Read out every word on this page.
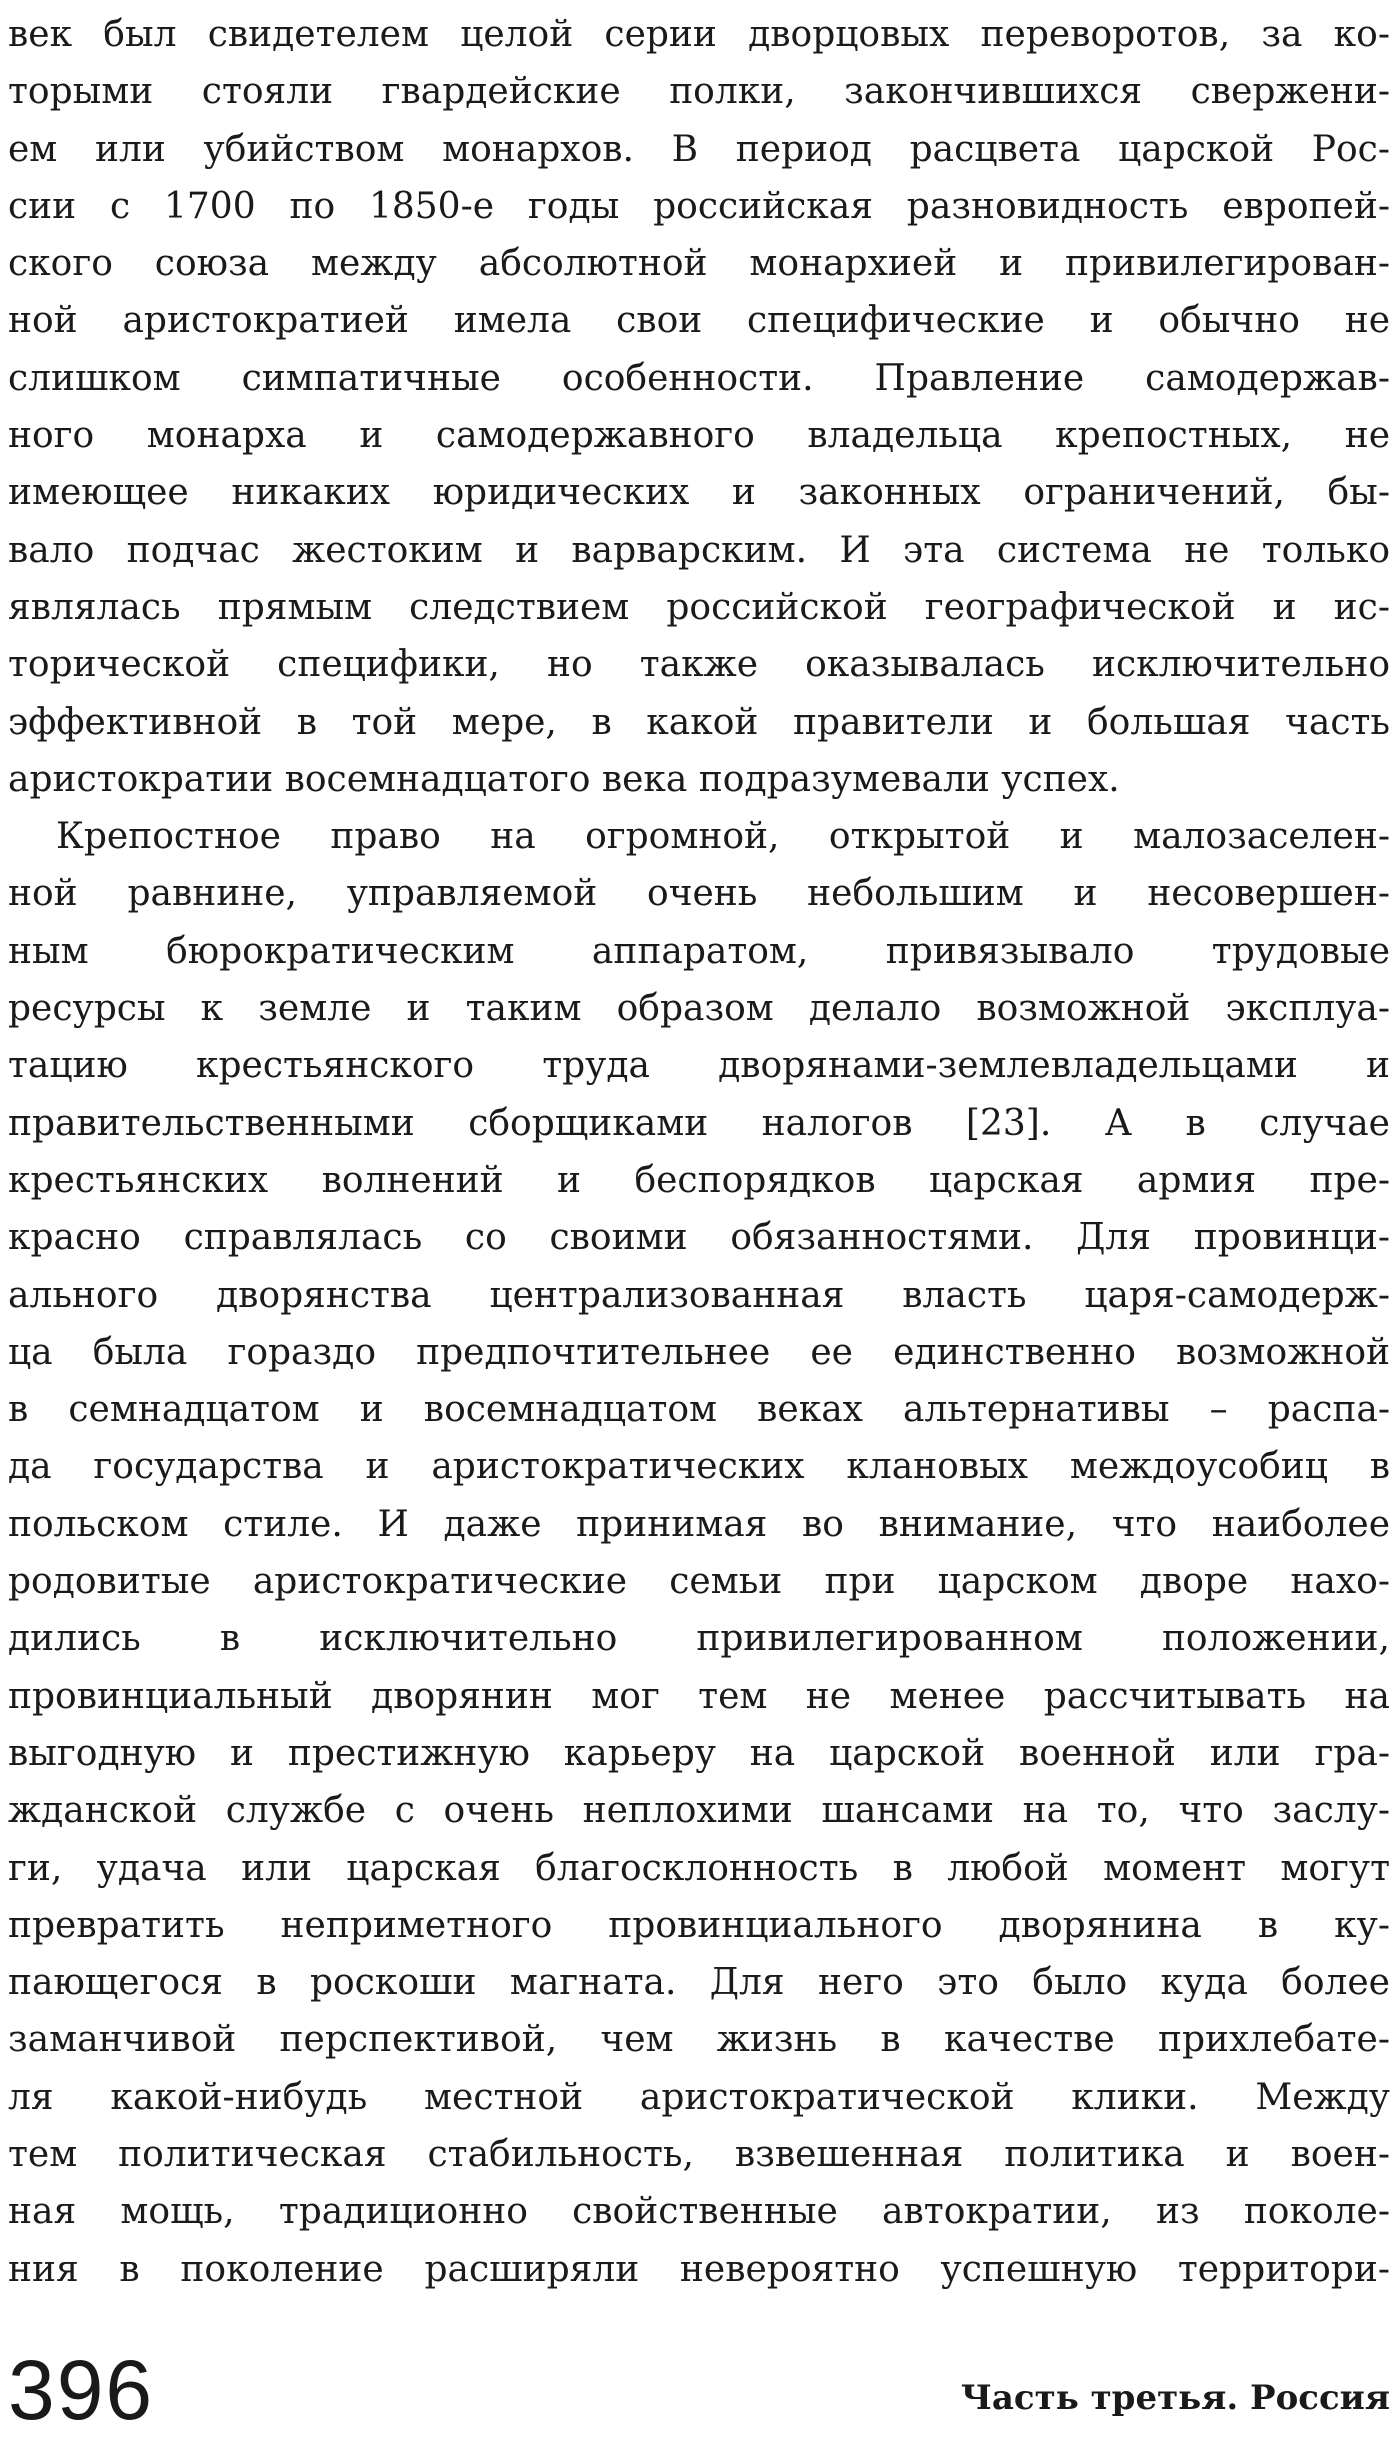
век был свидетелем целой серии дворцовых переворотов, за ко-
торыми стояли гвардейские полки, закончившихся свержени-
ем или убийством монархов. В период расцвета царской Рос-
сии с 1700 по 1850-е годы российская разновидность европей-
ского союза между абсолютной монархией и привилегирован-
ной аристократией имела свои специфические и обычно не
слишком симпатичные особенности. Правление самодержав-
ного монарха и самодержавного владельца крепостных, не
имеющее никаких юридических и законных ограничений, бы-
вало подчас жестоким и варварским. И эта система не только
являлась прямым следствием российской географической и ис-
торической специфики, но также оказывалась исключительно
эффективной в той мере, в какой правители и большая часть
аристократии восемнадцатого века подразумевали успех.
Крепостное право на огромной, открытой и малозаселен-
ной равнине, управляемой очень небольшим и несовершен-
ным бюрократическим аппаратом, привязывало трудовые
ресурсы к земле и таким образом делало возможной эксплуа-
тацию крестьянского труда дворянами-землевладельцами и
правительственными сборщиками налогов [23]. А в случае
крестьянских волнений и беспорядков царская армия пре-
красно справлялась со своими обязанностями. Для провинци-
ального дворянства централизованная власть царя-самодерж-
ца была гораздо предпочтительнее ее единственно возможной
в семнадцатом и восемнадцатом веках альтернативы – распа-
да государства и аристократических клановых междоусобиц в
польском стиле. И даже принимая во внимание, что наиболее
родовитые аристократические семьи при царском дворе нахо-
дились в исключительно привилегированном положении,
провинциальный дворянин мог тем не менее рассчитывать на
выгодную и престижную карьеру на царской военной или гра-
жданской службе с очень неплохими шансами на то, что заслу-
ги, удача или царская благосклонность в любой момент могут
превратить неприметного провинциального дворянина в ку-
пающегося в роскоши магната. Для него это было куда более
заманчивой перспективой, чем жизнь в качестве прихлебате-
ля какой-нибудь местной аристократической клики. Между
тем политическая стабильность, взвешенная политика и воен-
ная мощь, традиционно свойственные автократии, из поколе-
ния в поколение расширяли невероятно успешную территори-
396	Часть третья. Россия
